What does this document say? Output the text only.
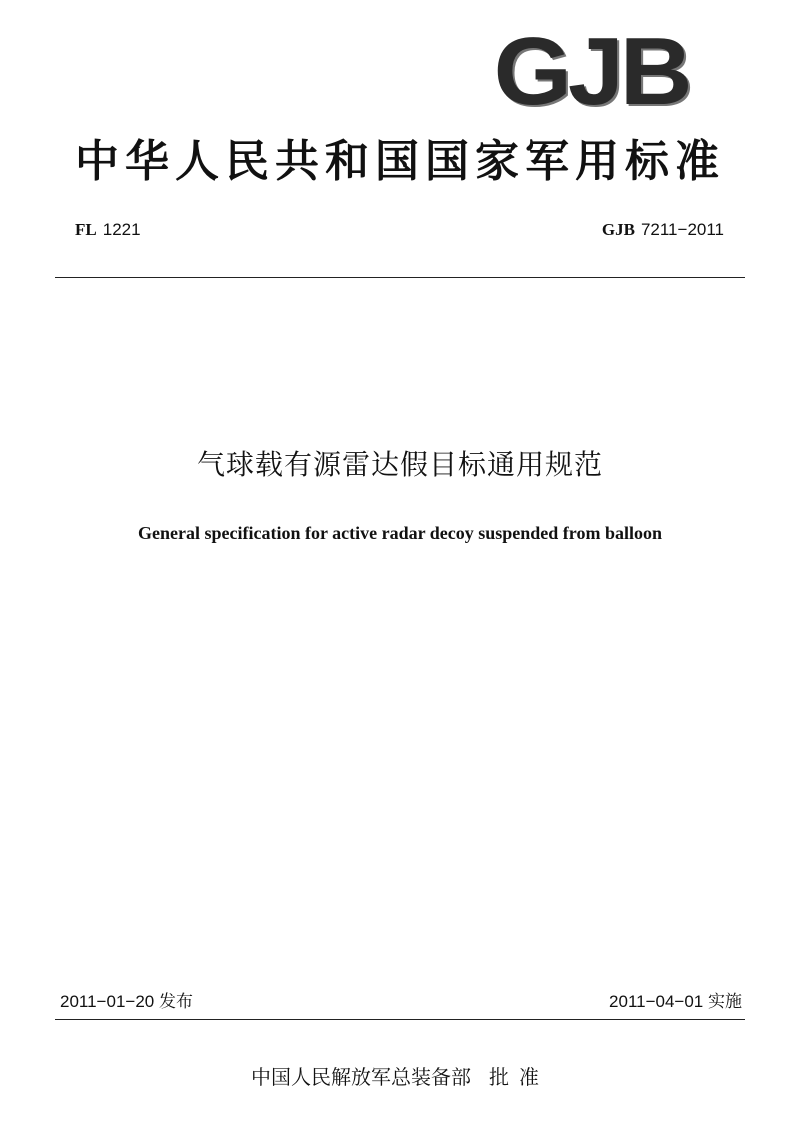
GJB
中华人民共和国国家军用标准
FL 1221	GJB 7211−2011
气球载有源雷达假目标通用规范
General specification for active radar decoy suspended from balloon
2011−01−20 发布	2011−04−01 实施
中国人民解放军总装备部 批准
